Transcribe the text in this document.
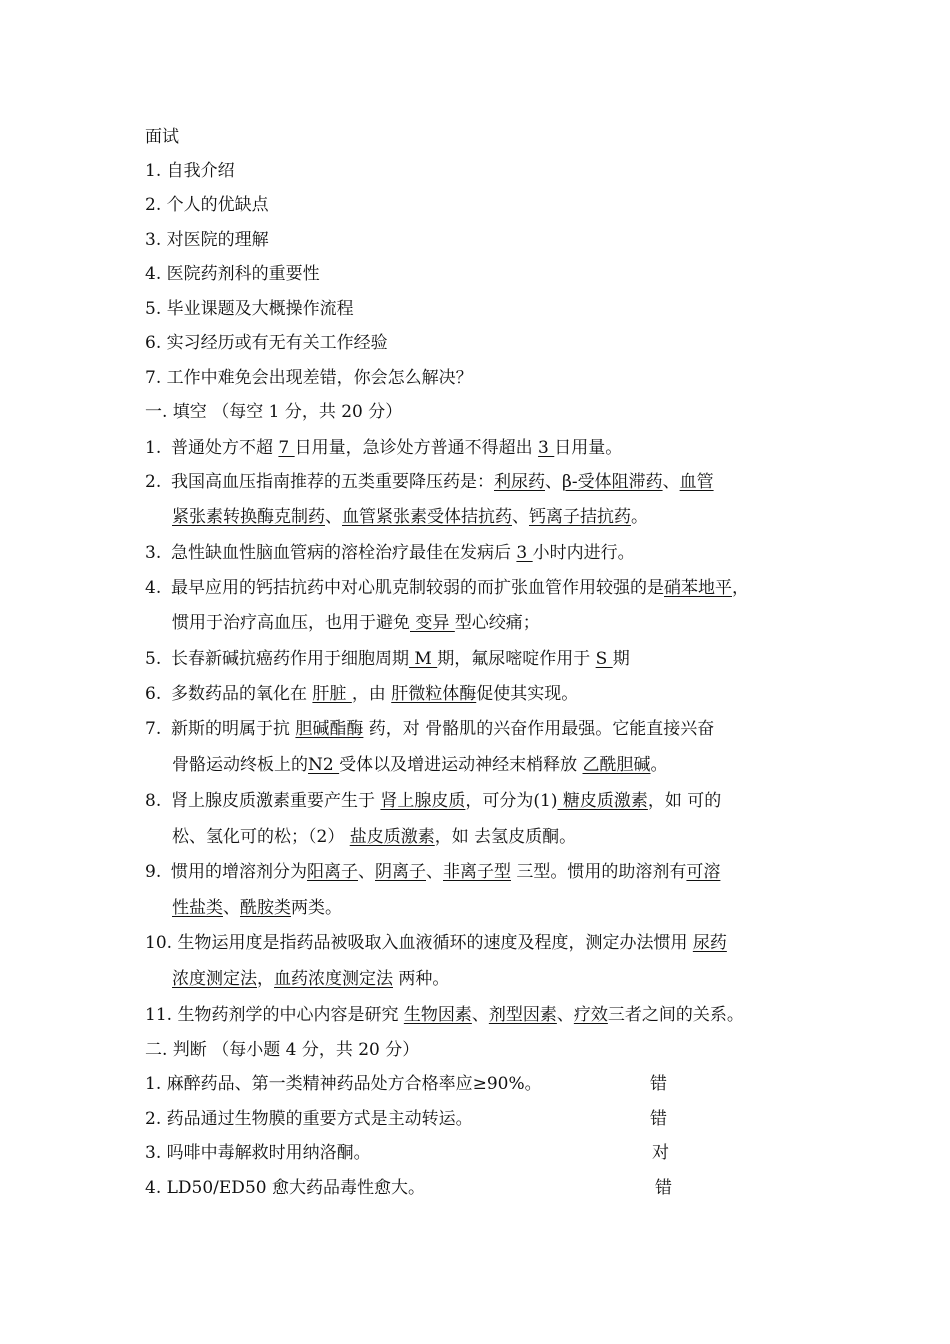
面试
1. 自我介绍
2. 个人的优缺点
3. 对医院的理解
4. 医院药剂科的重要性
5. 毕业课题及大概操作流程
6. 实习经历或有无有关工作经验
7. 工作中难免会出现差错，你会怎么解决？
一. 填空 （每空 1 分，共 20 分）
1. 普通处方不超 7 日用量，急诊处方普通不得超出 3 日用量。
2. 我国高血压指南推荐的五类重要降压药是：利尿药、β-受体阻滞药、血管
紧张素转换酶克制药、血管紧张素受体拮抗药、钙离子拮抗药。
3. 急性缺血性脑血管病的溶栓治疗最佳在发病后 3 小时内进行。
4. 最早应用的钙拮抗药中对心肌克制较弱的而扩张血管作用较强的是硝苯地平，
惯用于治疗高血压，也用于避免 变异 型心绞痛；
5. 长春新碱抗癌药作用于细胞周期 M 期，氟尿嘧啶作用于 S 期
6. 多数药品的氧化在 肝脏 ，由 肝微粒体酶促使其实现。
7. 新斯的明属于抗 胆碱酯酶 药，对 骨骼肌的兴奋作用最强。它能直接兴奋
骨骼运动终板上的N2 受体以及增进运动神经末梢释放 乙酰胆碱。
8. 肾上腺皮质激素重要产生于 肾上腺皮质，可分为(1) 糖皮质激素，如 可的
松、氢化可的松；（2） 盐皮质激素，如 去氢皮质酮。
9. 惯用的增溶剂分为阳离子、阴离子、非离子型 三型。惯用的助溶剂有可溶
性盐类、酰胺类两类。
10. 生物运用度是指药品被吸取入血液循环的速度及程度，测定办法惯用 尿药
浓度测定法，血药浓度测定法 两种。
11. 生物药剂学的中心内容是研究 生物因素、剂型因素、疗效三者之间的关系。
二. 判断 （每小题 4 分，共 20 分）
1. 麻醉药品、第一类精神药品处方合格率应≥90%。	错
2. 药品通过生物膜的重要方式是主动转运。	错
3. 吗啡中毒解救时用纳洛酮。	对
4. LD50/ED50 愈大药品毒性愈大。	错
